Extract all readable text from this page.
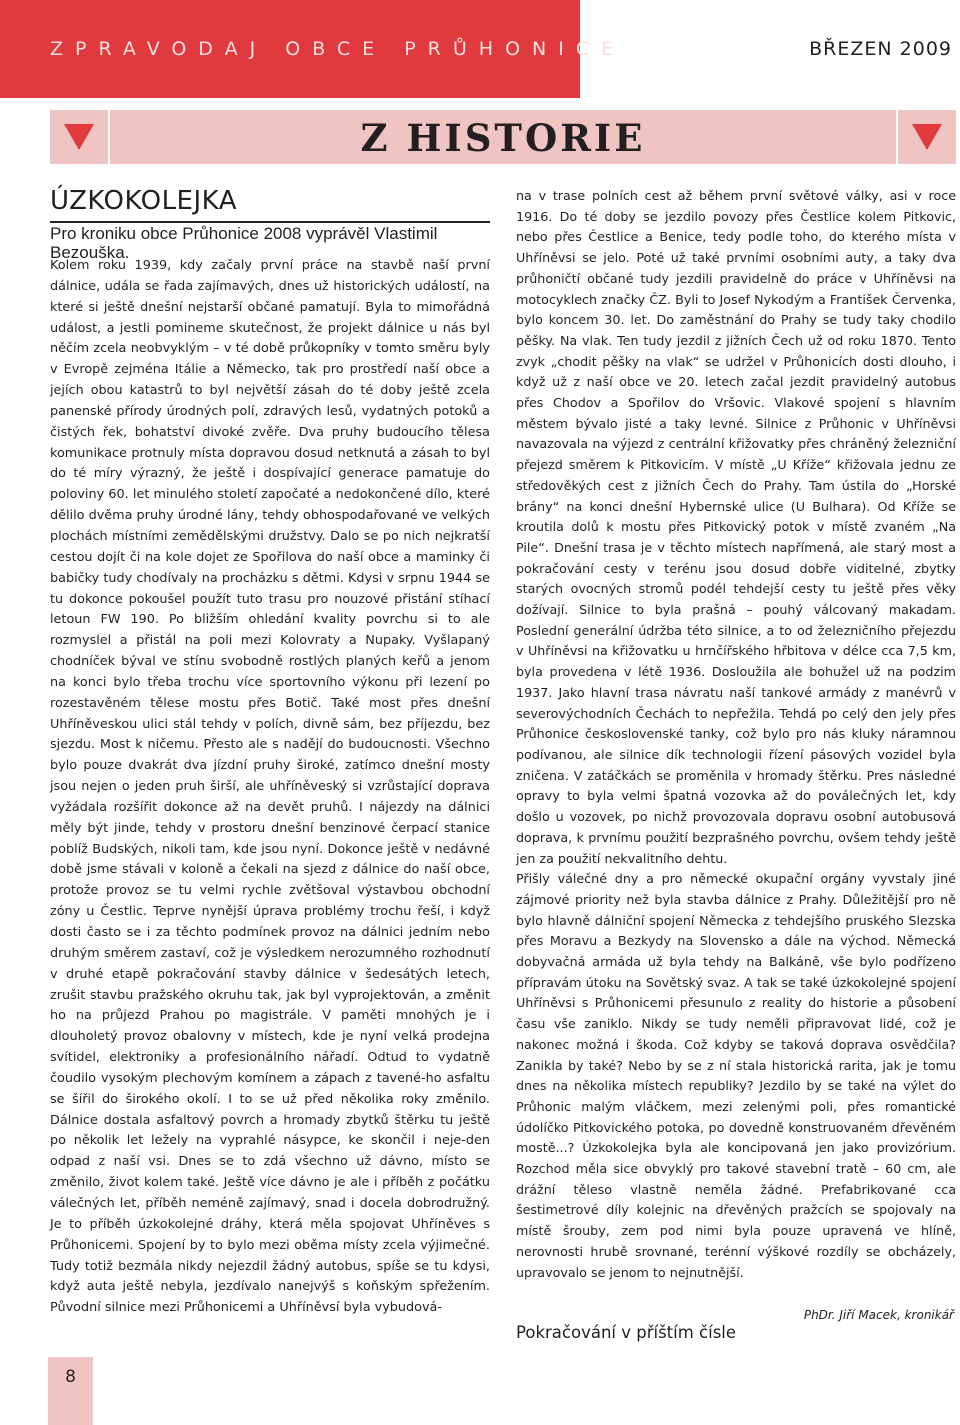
ZPRAVODAJ OBCE PRŮHONICE	BŘEZEN 2009
Z HISTORIE
ÚZKOKOLEJKA
Pro kroniku obce Průhonice 2008 vyprávěl Vlastimil Bezouška.

Kolem roku 1939, kdy začaly první práce na stavbě naší první dálnice, udála se řada zajímavých, dnes už historických událostí, na které si ještě dnešní nejstarší občané pamatují. Byla to mimořádná událost, a jestli pomineme skutečnost, že projekt dálnice u nás byl něčím zcela neobvyklým – v té době průkopníky v tomto směru byly v Evropě zejména Itálie a Německo, tak pro prostředí naší obce a jejích obou katastrů to byl největší zásah do té doby ještě zcela panenské přírody úrodných polí, zdravých lesů, vydatných potoků a čistých řek, bohatství divoké zvěře. Dva pruhy budoucího tělesa komunikace protnuly místa dopravou dosud netknutá a zásah to byl do té míry výrazný, že ještě i dospívající generace pamatuje do poloviny 60. let minulého století započaté a nedokončené dílo, které dělilo dvěma pruhy úrodné lány, tehdy obhospodařované ve velkých plochách místními zemědělskými družstvy. Dalo se po nich nejkratší cestou dojít či na kole dojet ze Spořilova do naší obce a maminky či babičky tudy chodívaly na procházku s dětmi. Kdysi v srpnu 1944 se tu dokonce pokoušel použít tuto trasu pro nouzové přistání stíhací letoun FW 190. Po bližším ohledání kvality povrchu si to ale rozmyslel a přistál na poli mezi Kolovraty a Nupaky. Vyšlapaný chodníček býval ve stínu svobodně rostlých planých keřů a jenom na konci bylo třeba trochu více sportovního výkonu při lezení po rozestavěném tělese mostu přes Botič. Také most přes dnešní Uhříněveskou ulici stál tehdy v polích, divně sám, bez příjezdu, bez sjezdu. Most k ničemu. Přesto ale s nadějí do budoucnosti. Všechno bylo pouze dvakrát dva jízdní pruhy široké, zatímco dnešní mosty jsou nejen o jeden pruh širší, ale uhříněveský si vzrůstající doprava vyžádala rozšířit dokonce až na devět pruhů. I nájezdy na dálnici měly být jinde, tehdy v prostoru dnešní benzinové čerpací stanice poblíž Budských, nikoli tam, kde jsou nyní. Dokonce ještě v nedávné době jsme stávali v koloně a čekali na sjezd z dálnice do naší obce, protože provoz se tu velmi rychle zvětšoval výstavbou obchodní zóny u Čestlic. Teprve nynější úprava problémy trochu řeší, i když dosti často se i za těchto podmínek provoz na dálnici jedním nebo druhým směrem zastaví, což je výsledkem nerozumného rozhodnutí v druhé etapě pokračování stavby dálnice v šedesátých letech, zrušit stavbu pražského okruhu tak, jak byl vyprojektován, a změnit ho na průjezd Prahou po magistrále. V paměti mnohých je i dlouholetý provoz obalovny v místech, kde je nyní velká prodejna svítidel, elektroniky a profesionálního nářadí. Odtud to vydatně čoudilo vysokým plechovým komínem a zápach z tavené-ho asfaltu se šířil do širokého okolí. I to se už před několika roky změnilo. Dálnice dostala asfaltový povrch a hromady zbytků štěrku tu ještě po několik let ležely na vyprahlé násypce, ke skončil i neje-den odpad z naší vsi. Dnes se to zdá všechno už dávno, místo se změnilo, život kolem také. Ještě více dávno je ale i příběh z počátku válečných let, příběh neméně zajímavý, snad i docela dobrodružný. Je to příběh úzkokolejné dráhy, která měla spojovat Uhříněves s Průhonicemi. Spojení by to bylo mezi oběma místy zcela výjimečné. Tudy totiž bezmála nikdy nejezdil žádný autobus, spíše se tu kdysi, když auta ještě nebyla, jezdívalo nanejvýš s koňským spřežením. Původní silnice mezi Průhonicemi a Uhříněvsí byla vybudová-

na v trase polních cest až během první světové války, asi v roce 1916. Do té doby se jezdilo povozy přes Čestlice kolem Pitkovic, nebo přes Čestlice a Benice, tedy podle toho, do kterého místa v Uhříněvsi se jelo. Poté už také prvními osobními auty, a taky dva průhoničtí občané tudy jezdili pravidelně do práce v Uhříněvsi na motocyklech značky ČZ. Byli to Josef Nykodým a František Červenka, bylo koncem 30. let. Do zaměstnání do Prahy se tudy taky chodilo pěšky. Na vlak. Ten tudy jezdil z jižních Čech už od roku 1870. Tento zvyk „chodit pěšky na vlak“ se udržel v Průhonicích dosti dlouho, i když už z naší obce ve 20. letech začal jezdit pravidelný autobus přes Chodov a Spořilov do Vršovic. Vlakové spojení s hlavním městem bývalo jisté a taky levné. Silnice z Průhonic v Uhříněvsi navazovala na výjezd z centrální křižovatky přes chráněný železniční přejezd směrem k Pitkovicím. V místě „U Kříže“ křižovala jednu ze středověkých cest z jižních Čech do Prahy. Tam ústila do „Horské brány“ na konci dnešní Hybernské ulice (U Bulhara). Od Kříže se kroutila dolů k mostu přes Pitkovický potok v místě zvaném „Na Pile“. Dnešní trasa je v těchto místech napřímená, ale starý most a pokračování cesty v terénu jsou dosud dobře viditelné, zbytky starých ovocných stromů podél tehdejší cesty tu ještě přes věky dožívají. Silnice to byla prašná – pouhý válcovaný makadam. Poslední generální údržba této silnice, a to od železničního přejezdu v Uhříněvsi na křižovatku u hrnčířského hřbitova v délce cca 7,5 km, byla provedena v létě 1936. Dosloužila ale bohužel už na podzim 1937. Jako hlavní trasa návratu naší tankové armády z manévrů v severovýchodních Čechách to nepřežila. Tehdá po celý den jely přes Průhonice československé tanky, což bylo pro nás kluky náramnou podívanou, ale silnice dík technologii řízení pásových vozidel byla zničena. V zatáčkách se proměnila v hromady štěrku. Pres následné opravy to byla velmi špatná vozovka až do poválečných let, kdy došlo u vozovek, po nichž provozovala dopravu osobní autobusová doprava, k prvnímu použití bezprašného povrchu, ovšem tehdy ještě jen za použití nekvalitního dehtu.

Přišly válečné dny a pro německé okupační orgány vyvstaly jiné zájmové priority než byla stavba dálnice z Prahy. Důležitější pro ně bylo hlavně dálniční spojení Německa z tehdejšího pruského Slezska přes Moravu a Bezkydy na Slovensko a dále na východ. Německá dobyvačná armáda už byla tehdy na Balkáně, vše bylo podřízeno přípravám útoku na Sovětský svaz. A tak se také úzkokolejné spojení Uhříněvsi s Průhonicemi přesunulo z reality do historie a působení času vše zaniklo. Nikdy se tudy neměli připravovat lidé, což je nakonec možná i škoda. Což kdyby se taková doprava osvědčila? Zanikla by také? Nebo by se z ní stala historická rarita, jak je tomu dnes na několika místech republiky? Jezdilo by se také na výlet do Průhonic malým vláčkem, mezi zelenými poli, přes romantické údolíčko Pitkovického potoka, po dovedně konstruovaném dřevěném mostě...? Úzkokolejka byla ale koncipovaná jen jako provizórium. Rozchod měla sice obvyklý pro takové stavební tratě – 60 cm, ale drážní těleso vlastně neměla žádné. Prefabrikované cca šestimetrové díly kolejnic na dřevěných pražcích se spojovaly na místě šrouby, zem pod nimi byla pouze upravená ve hlíně, nerovnosti hrubě srovnané, terénní výškové rozdíly se obcházely, upravovalo se jenom to nejnutnější.

PhDr. Jiří Macek, kronikář
Pokračování v příštím čísle
8
